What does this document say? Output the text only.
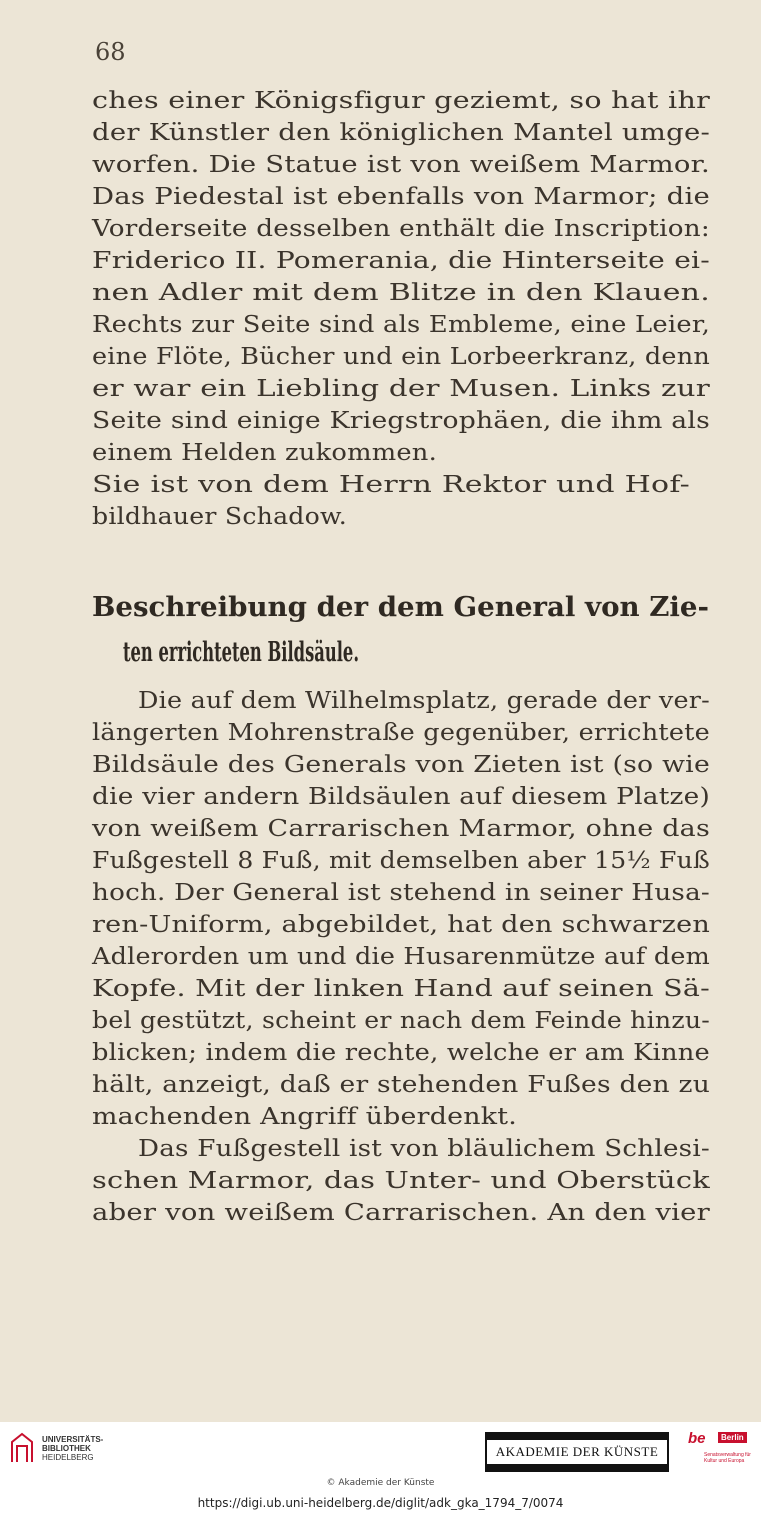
68
ches einer Königsfigur geziemt, so hat ihr
der Künstler den königlichen Mantel umge-
worfen. Die Statue ist von weißem Marmor.
Das Piedestal ist ebenfalls von Marmor; die
Vorderseite desselben enthält die Inscription:
Friderico II. Pomerania, die Hinterseite ei-
nen Adler mit dem Blitze in den Klauen.
Rechts zur Seite sind als Embleme, eine Leier,
eine Flöte, Bücher und ein Lorbeerkranz, denn
er war ein Liebling der Musen. Links zur
Seite sind einige Kriegstrophäen, die ihm als
einem Helden zukommen.
Sie ist von dem Herrn Rektor und Hof-
bildhauer Schadow.
Beschreibung der dem General von Zie-
ten errichteten Bildsäule.
Die auf dem Wilhelmsplatz, gerade der ver-
längerten Mohrenstraße gegenüber, errichtete
Bildsäule des Generals von Zieten ist (so wie
die vier andern Bildsäulen auf diesem Platze)
von weißem Carrarischen Marmor, ohne das
Fußgestell 8 Fuß, mit demselben aber 15½ Fuß
hoch. Der General ist stehend in seiner Husa-
ren-Uniform, abgebildet, hat den schwarzen
Adlerorden um und die Husarenmütze auf dem
Kopfe. Mit der linken Hand auf seinen Sä-
bel gestützt, scheint er nach dem Feinde hinzu-
blicken; indem die rechte, welche er am Kinne
hält, anzeigt, daß er stehenden Fußes den zu
machenden Angriff überdenkt.
Das Fußgestell ist von bläulichem Schlesi-
schen Marmor, das Unter- und Oberstück
aber von weißem Carrarischen. An den vier
UNIVERSITÄTS-
BIBLIOTHEK
HEIDELBERG	AKADEMIE DER KÜNSTE
be	Berlin
Senatsverwaltung für Kultur und Europa
© Akademie der Künste
https://digi.ub.uni-heidelberg.de/diglit/adk_gka_1794_7/0074
